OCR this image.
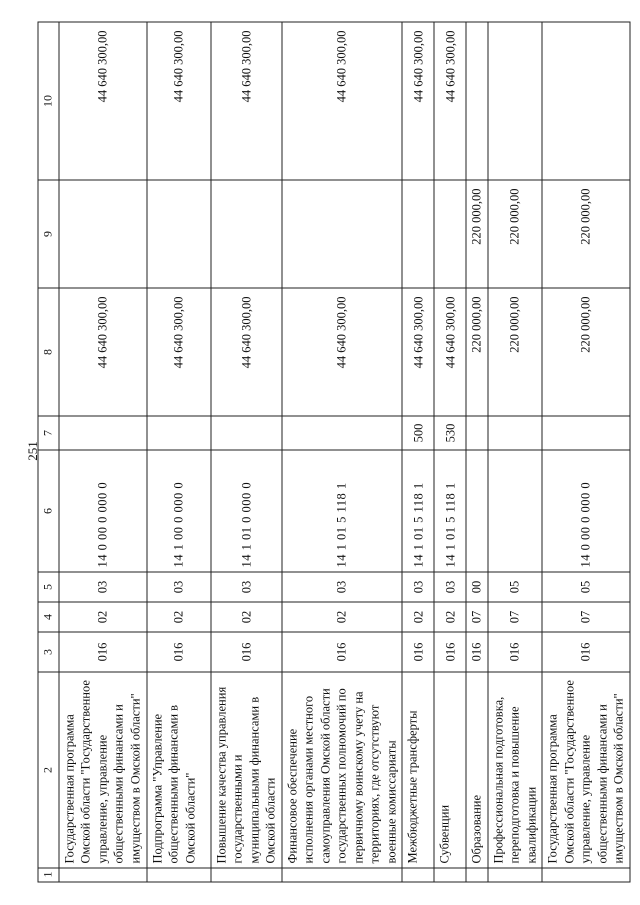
251
1	2	3	4	5	6	7	8	9	10
	Государственная программа Омской области "Государственное управление, управление общественными финансами и имуществом в Омской области"	016	02	03	14 0 00 0 000 0		44 640 300,00		44 640 300,00
	Подпрограмма "Управление общественными финансами в Омской области"	016	02	03	14 1 00 0 000 0		44 640 300,00		44 640 300,00
	Повышение качества управления государственными и муниципальными финансами в Омской области	016	02	03	14 1 01 0 000 0		44 640 300,00		44 640 300,00
	Финансовое обеспечение исполнения органами местного самоуправления Омской области государственных полномочий по первичному воинскому учету на территориях, где отсутствуют военные комиссариаты	016	02	03	14 1 01 5 118 1		44 640 300,00		44 640 300,00
	Межбюджетные трансферты	016	02	03	14 1 01 5 118 1	500	44 640 300,00		44 640 300,00
	Субвенции	016	02	03	14 1 01 5 118 1	530	44 640 300,00		44 640 300,00
	Образование	016	07	00			220 000,00	220 000,00	
	Профессиональная подготовка, переподготовка и повышение квалификации	016	07	05			220 000,00	220 000,00	
	Государственная программа Омской области "Государственное управление, управление общественными финансами и имуществом в Омской области"	016	07	05	14 0 00 0 000 0		220 000,00	220 000,00	
